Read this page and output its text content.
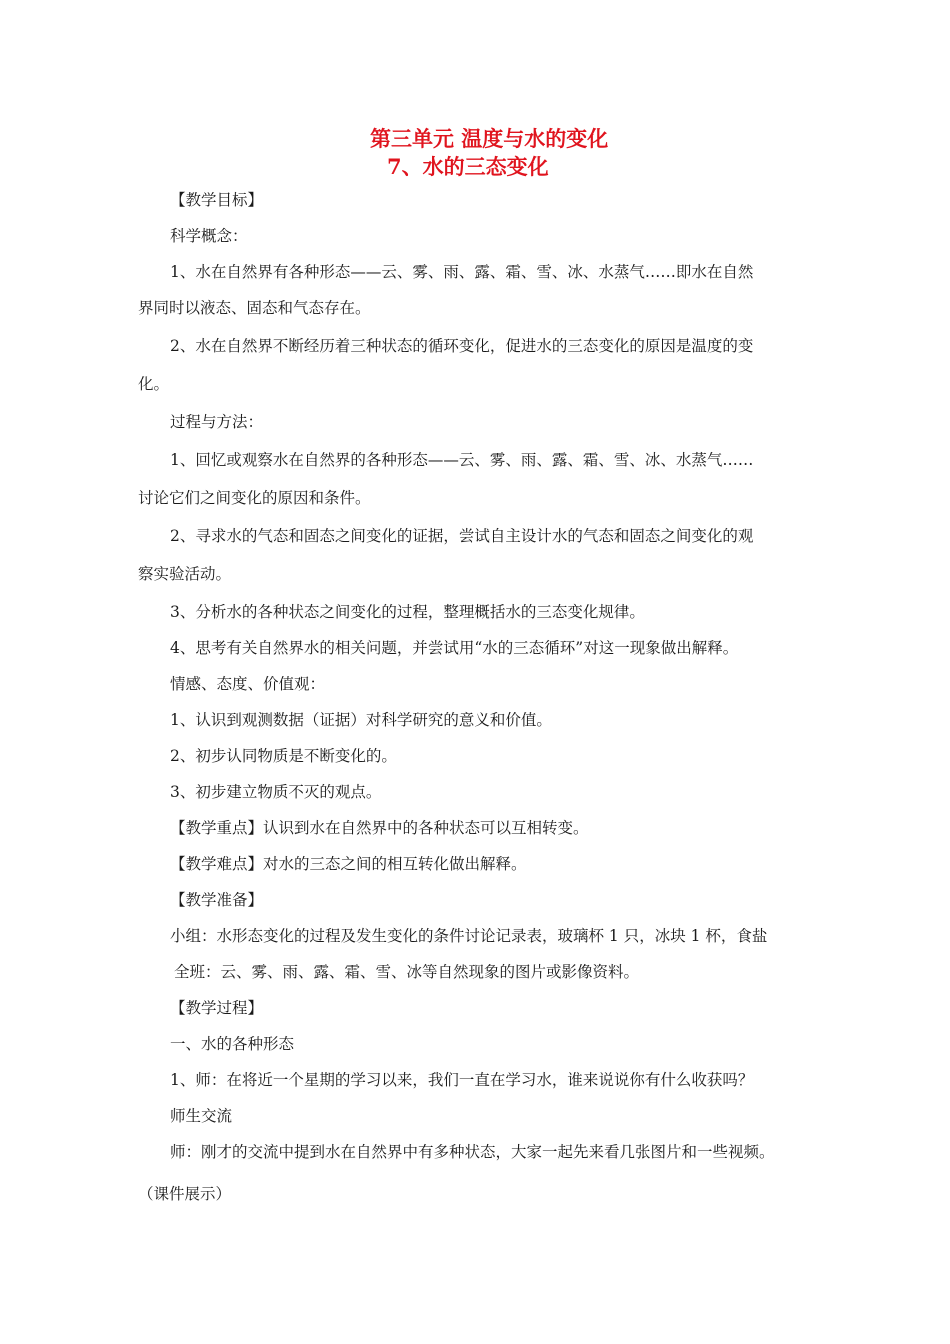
第三单元 温度与水的变化
7、水的三态变化
【教学目标】
科学概念：
1、水在自然界有各种形态——云、雾、雨、露、霜、雪、冰、水蒸气……即水在自然
界同时以液态、固态和气态存在。
2、水在自然界不断经历着三种状态的循环变化，促进水的三态变化的原因是温度的变
化。
过程与方法：
1、回忆或观察水在自然界的各种形态——云、雾、雨、露、霜、雪、冰、水蒸气……
讨论它们之间变化的原因和条件。
2、寻求水的气态和固态之间变化的证据，尝试自主设计水的气态和固态之间变化的观
察实验活动。
3、分析水的各种状态之间变化的过程，整理概括水的三态变化规律。
4、思考有关自然界水的相关问题，并尝试用“水的三态循环”对这一现象做出解释。
情感、态度、价值观：
1、认识到观测数据（证据）对科学研究的意义和价值。
2、初步认同物质是不断变化的。
3、初步建立物质不灭的观点。
【教学重点】认识到水在自然界中的各种状态可以互相转变。
【教学难点】对水的三态之间的相互转化做出解释。
【教学准备】
小组：水形态变化的过程及发生变化的条件讨论记录表，玻璃杯 1 只，冰块 1 杯，食盐
全班：云、雾、雨、露、霜、雪、冰等自然现象的图片或影像资料。
【教学过程】
一、水的各种形态
1、师：在将近一个星期的学习以来，我们一直在学习水，谁来说说你有什么收获吗？
师生交流
师：刚才的交流中提到水在自然界中有多种状态，大家一起先来看几张图片和一些视频。
（课件展示）
